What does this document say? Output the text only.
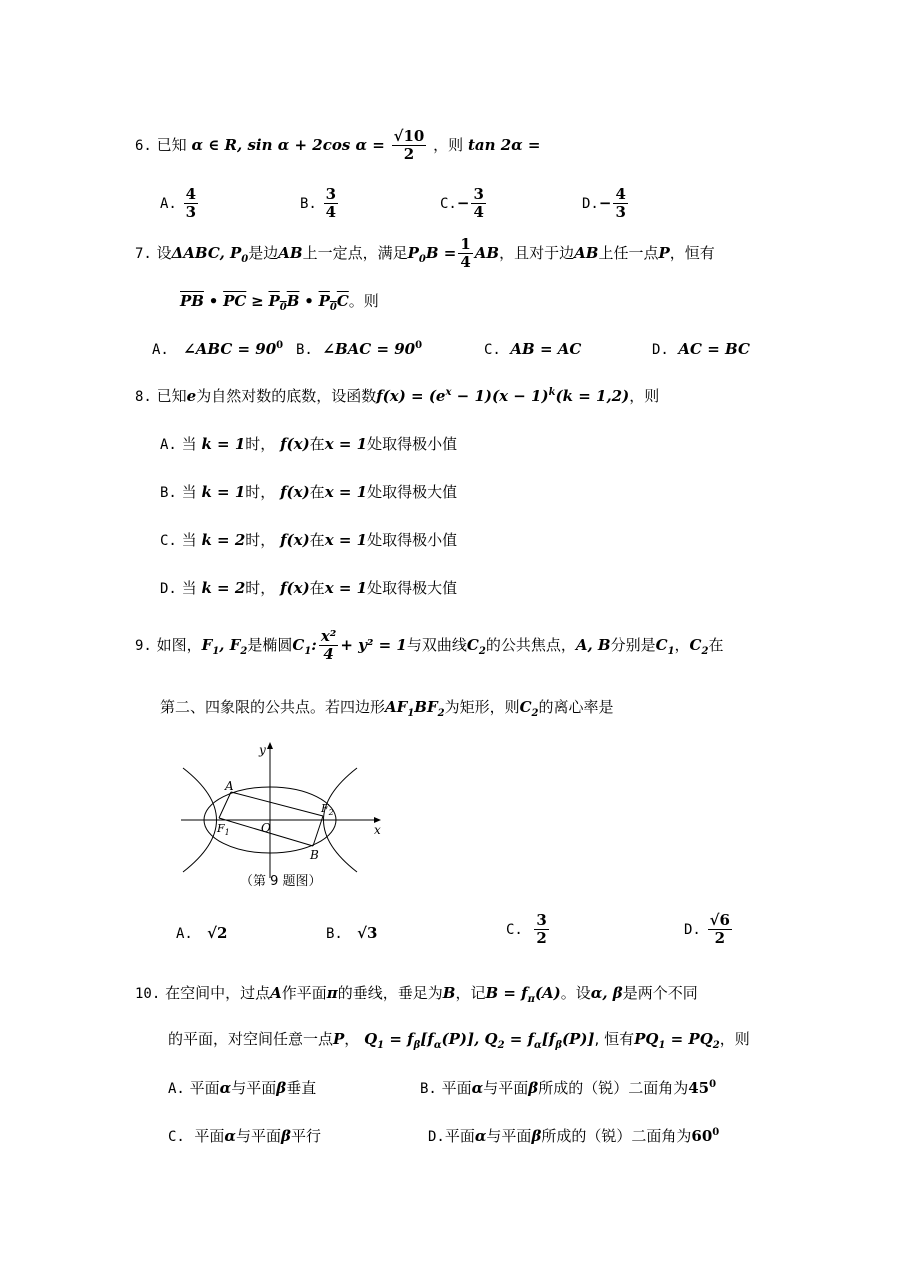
6. 已知 α ∈ R, sin α + 2cos $\alpha = \frac{√10}{2}$ ，则 tan 2α =
A. $\frac{4}{3}$	B. $\frac{3}{4}$	$C.- \frac{3}{4}$	$D.- \frac{4}{3}$
7. 设ΔABC, $P_0$是边AB上一定点，满足$P_0B = \frac{1}{4}$ AB，且对于边AB上任一点P，恒有
$\overline{PB}$ • $\overline{PC} \ge P_0B$ • $P_0C$。则
A. ∠ABC = $90^0$ B. ∠BAC = $90^0$	C. AB = AC	D. AC = BC
8. 已知e为自然对数的底数，设函数$f(x) = (e^x - 1)(x - 1)^k(k = 1,2)$，则
A. 当 k = 1时， f(x)在x = 1处取得极小值
B. 当 k = 1时， f(x)在x = 1处取得极大值
C. 当 k = 2时， f(x)在x = 1处取得极小值
D. 当 k = 2时， f(x)在x = 1处取得极大值
9. 如图，$F_1$, $F_2$是椭圆$C_1$: $\frac{\text{x²}}{4} + y^2 = 1$与双曲线$C_2$的公共焦点，A, B分别是$C_1$，$C_2$在
第二、四象限的公共点。若四边形$AF_1BF_2$为矩形，则$C_2$的离心率是
y
x
A
B
O
$F_1$
$F_2$
（第 9 题图）
A. √2	B. √3	C. $\frac{3}{2}$	D. $\frac{√6}{2}$
10. 在空间中，过点A作平面π的垂线，垂足为B，记$B = f_\pi(A)$。设α, β是两个不同
的平面，对空间任意一点P， $Q_1 = f_\beta[f_\alpha(P)]$, $Q_2 = f_\alpha[f_\beta(P)]$, 恒有$PQ_1 = PQ_2$，则
A. 平面α与平面β垂直	B. 平面α与平面β所成的（锐）二面角为$45^0$
C. 平面α与平面β平行	D.平面α与平面β所成的（锐）二面角为$60^0$
